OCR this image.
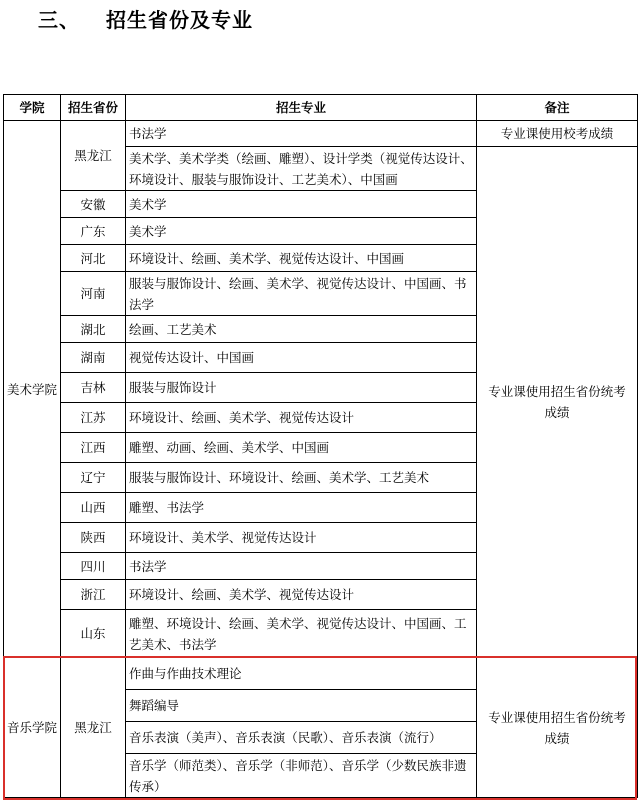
三、 招生省份及专业
学院	招生省份	招生专业	备注
美术学院	黑龙江	书法学	专业课使用校考成绩
		美术学、美术学类（绘画、雕塑）、设计学类（视觉传达设计、环境设计、服装与服饰设计、工艺美术）、中国画	专业课使用招生省份统考成绩
	安徽	美术学	
	广东	美术学	
	河北	环境设计、绘画、美术学、视觉传达设计、中国画	
	河南	服装与服饰设计、绘画、美术学、视觉传达设计、中国画、书法学	
	湖北	绘画、工艺美术	
	湖南	视觉传达设计、中国画	
	吉林	服装与服饰设计	
	江苏	环境设计、绘画、美术学、视觉传达设计	
	江西	雕塑、动画、绘画、美术学、中国画	
	辽宁	服装与服饰设计、环境设计、绘画、美术学、工艺美术	
	山西	雕塑、书法学	
	陕西	环境设计、美术学、视觉传达设计	
	四川	书法学	
	浙江	环境设计、绘画、美术学、视觉传达设计	
	山东	雕塑、环境设计、绘画、美术学、视觉传达设计、中国画、工艺美术、书法学	
音乐学院	黑龙江	作曲与作曲技术理论	专业课使用招生省份统考成绩
		舞蹈编导	
		音乐表演（美声）、音乐表演（民歌）、音乐表演（流行）	
		音乐学（师范类）、音乐学（非师范）、音乐学（少数民族非遗传承）	
